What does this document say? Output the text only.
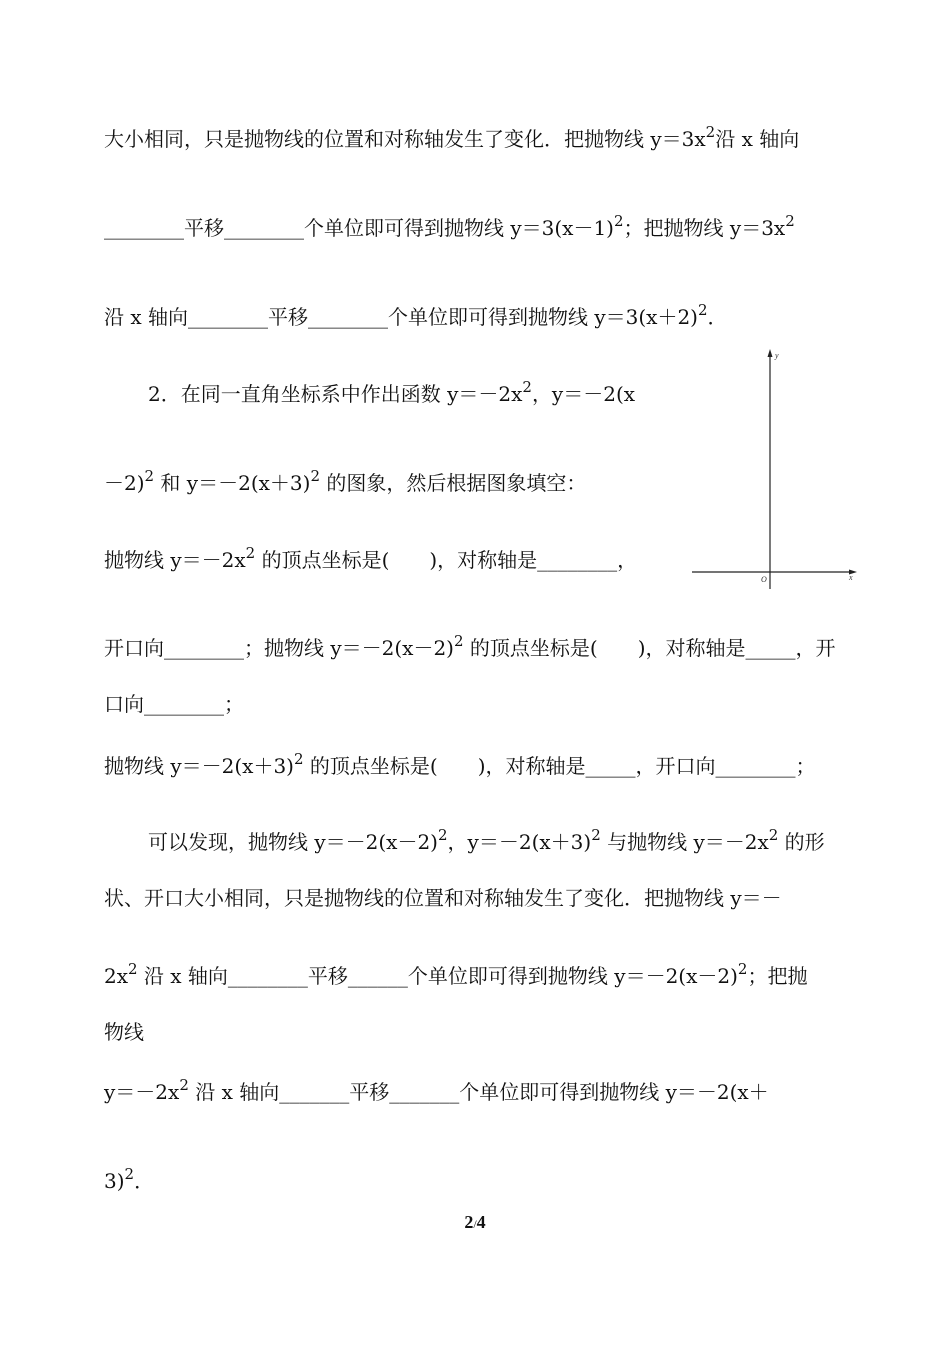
大小相同，只是抛物线的位置和对称轴发生了变化．把抛物线 $y=3x^2$沿 x 轴向
________平移________个单位即可得到抛物线 $y=3(x-1)^2$；把抛物线 $y=3x^2$
沿 x 轴向________平移________个单位即可得到抛物线 $y=3(x+2)^2$．
2．在同一直角坐标系中作出函数 $y=-2x^2$，y＝－2(x
－2)$^2$ 和 $y=-2(x+3)^2$ 的图象，然后根据图象填空：
抛物线 $y=-2x^2$ 的顶点坐标是(　　)，对称轴是________，
开口向________；抛物线 $y=-2(x-2)^2$ 的顶点坐标是(　　)，对称轴是_____，开
口向________；
抛物线 $y=-2(x+3)^2$ 的顶点坐标是(　　)，对称轴是_____，开口向________；
可以发现，抛物线 $y=-2(x-2)^2$，$y=-2(x+3)^2$ 与抛物线 $y=-2x^2$ 的形
状、开口大小相同，只是抛物线的位置和对称轴发生了变化．把抛物线 y＝－
$2x^2$ 沿 x 轴向________平移______个单位即可得到抛物线 $y=-2(x-2)^2$；把抛
物线
$y=-2x^2$ 沿 x 轴向_______平移_______个单位即可得到抛物线 y＝－2(x＋
3)$^2$．
y
x
O
2/4
